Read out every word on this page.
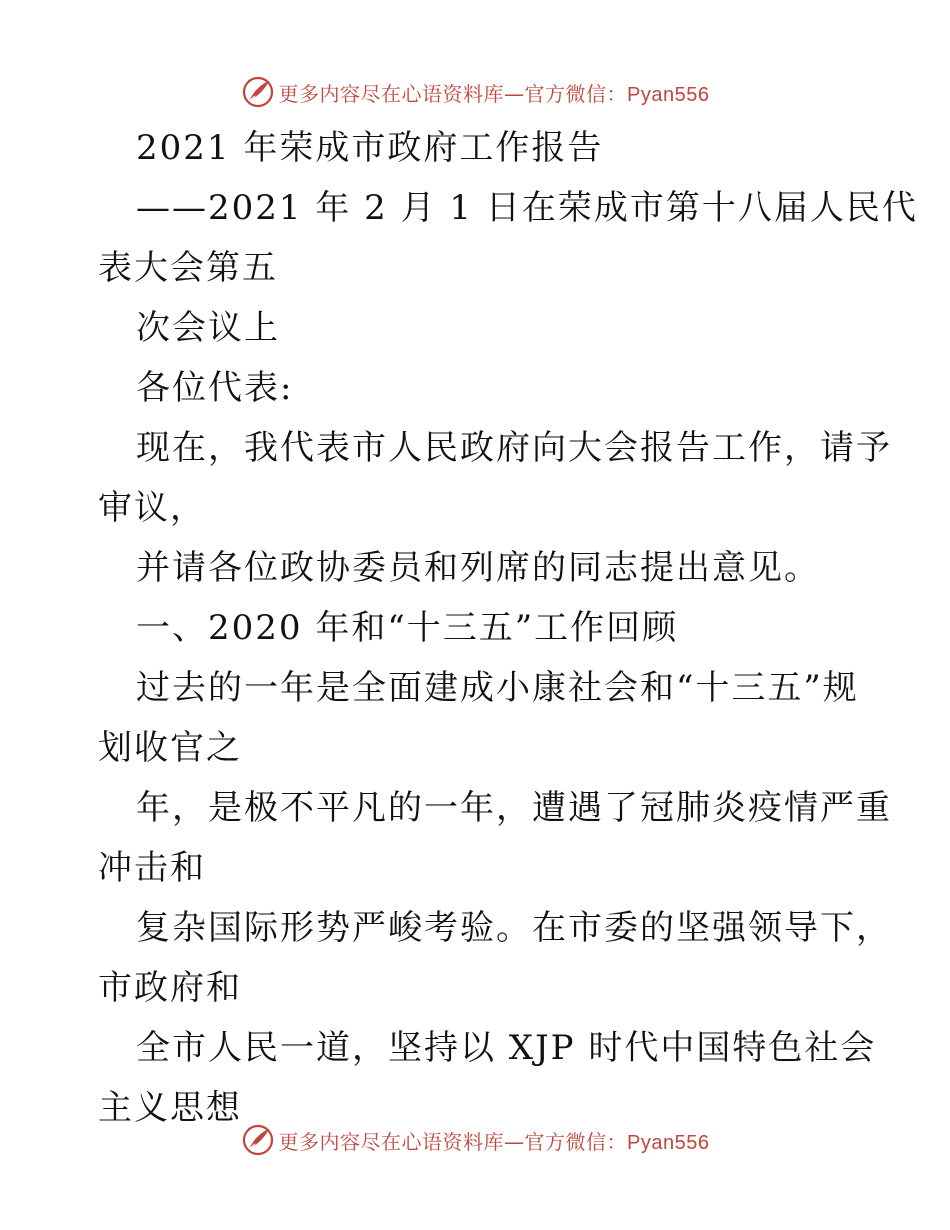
更多内容尽在心语资料库—官方微信：Pyan556
2021 年荣成市政府工作报告
——2021 年 2 月 1 日在荣成市第十八届人民代
表大会第五
次会议上
各位代表:
现在，我代表市人民政府向大会报告工作，请予
审议，
并请各位政协委员和列席的同志提出意见。
一、2020 年和“十三五”工作回顾
过去的一年是全面建成小康社会和“十三五”规
划收官之
年，是极不平凡的一年，遭遇了冠肺炎疫情严重
冲击和
复杂国际形势严峻考验。在市委的坚强领导下，
市政府和
全市人民一道，坚持以 XJP 时代中国特色社会
主义思想
更多内容尽在心语资料库—官方微信：Pyan556
